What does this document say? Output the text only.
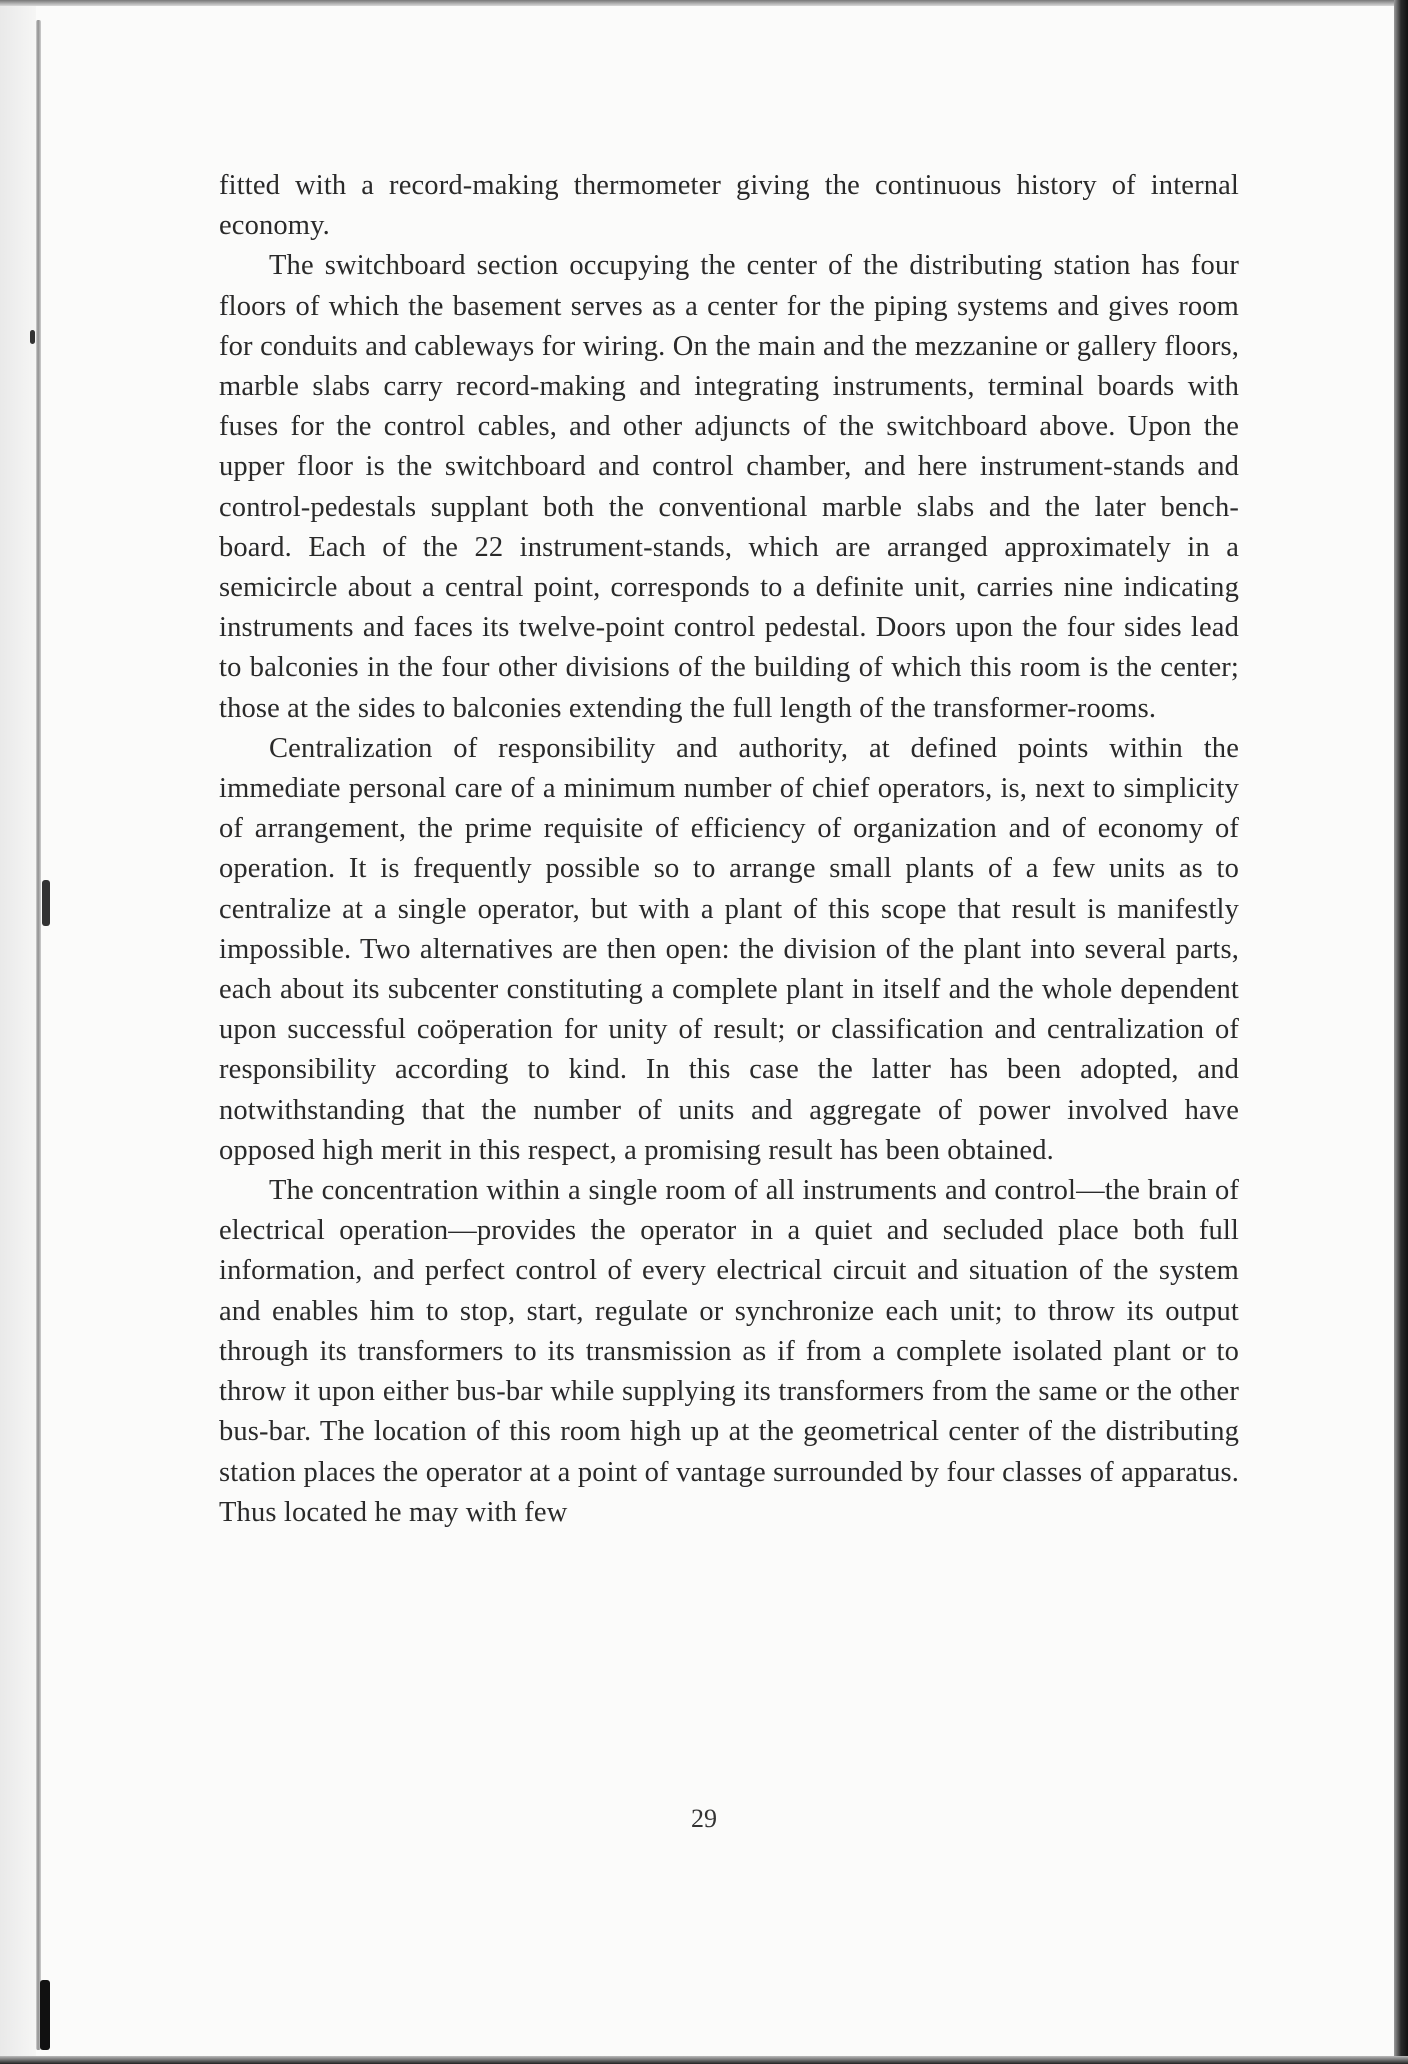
fitted with a record-making thermometer giving the continuous history of internal economy.

The switchboard section occupying the center of the distributing station has four floors of which the basement serves as a center for the piping systems and gives room for conduits and cableways for wiring. On the main and the mezzanine or gallery floors, marble slabs carry record-making and integrating instruments, terminal boards with fuses for the control cables, and other adjuncts of the switchboard above. Upon the upper floor is the switchboard and control chamber, and here instrument-stands and control-pedestals supplant both the conventional marble slabs and the later bench-board. Each of the 22 instrument-stands, which are arranged approximately in a semicircle about a central point, corresponds to a definite unit, carries nine indicating instruments and faces its twelve-point control pedestal. Doors upon the four sides lead to balconies in the four other divisions of the building of which this room is the center; those at the sides to balconies extending the full length of the transformer-rooms.

Centralization of responsibility and authority, at defined points within the immediate personal care of a minimum number of chief operators, is, next to simplicity of arrangement, the prime requisite of efficiency of organization and of economy of operation. It is frequently possible so to arrange small plants of a few units as to centralize at a single operator, but with a plant of this scope that result is manifestly impossible. Two alternatives are then open: the division of the plant into several parts, each about its subcenter constituting a complete plant in itself and the whole dependent upon successful coöperation for unity of result; or classification and centralization of responsibility according to kind. In this case the latter has been adopted, and notwithstanding that the number of units and aggregate of power involved have opposed high merit in this respect, a promising result has been obtained.

The concentration within a single room of all instruments and control—the brain of electrical operation—provides the operator in a quiet and secluded place both full information, and perfect control of every electrical circuit and situation of the system and enables him to stop, start, regulate or synchronize each unit; to throw its output through its transformers to its transmission as if from a complete isolated plant or to throw it upon either bus-bar while supplying its transformers from the same or the other bus-bar. The location of this room high up at the geometrical center of the distributing station places the operator at a point of vantage surrounded by four classes of apparatus. Thus located he may with few

29
